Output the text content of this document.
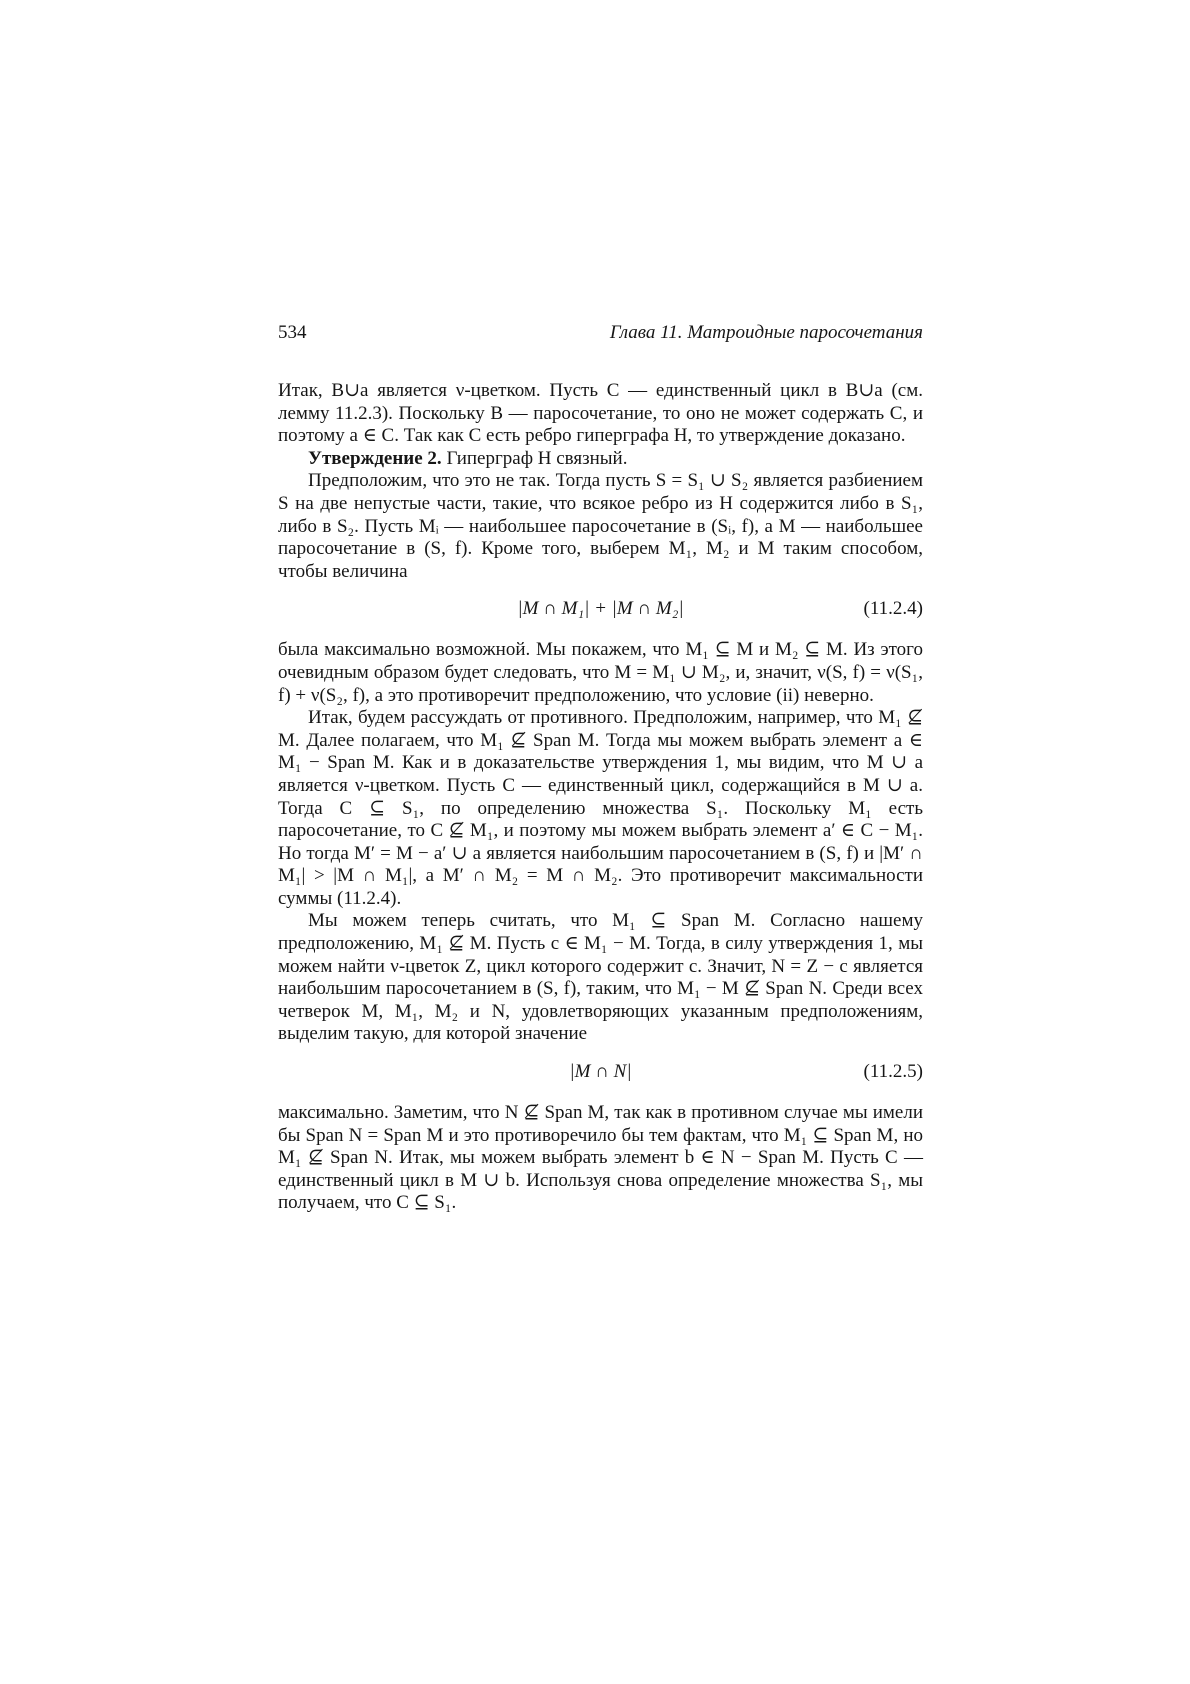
534	Глава 11. Матроидные паросочетания

Итак, B∪a является ν-цветком. Пусть C — единственный цикл в B∪a (см. лемму 11.2.3). Поскольку B — паросочетание, то оно не может содержать C, и поэтому a ∈ C. Так как C есть ребро гиперграфа H, то утверждение доказано.

Утверждение 2. Гиперграф H связный.

Предположим, что это не так. Тогда пусть S = S₁ ∪ S₂ является разбиением S на две непустые части, такие, что всякое ребро из H содержится либо в S₁, либо в S₂. Пусть Mᵢ — наибольшее паросочетание в (Sᵢ, f), а M — наибольшее паросочетание в (S, f). Кроме того, выберем M₁, M₂ и M таким способом, чтобы величина

|M ∩ M₁| + |M ∩ M₂|	(11.2.4)

была максимально возможной. Мы покажем, что M₁ ⊆ M и M₂ ⊆ M. Из этого очевидным образом будет следовать, что M = M₁ ∪ M₂, и, значит, ν(S, f) = ν(S₁, f) + ν(S₂, f), а это противоречит предположению, что условие (ii) неверно.

Итак, будем рассуждать от противного. Предположим, например, что M₁ ⊈ M. Далее полагаем, что M₁ ⊈ Span M. Тогда мы можем выбрать элемент a ∈ M₁ − Span M. Как и в доказательстве утверждения 1, мы видим, что M ∪ a является ν-цветком. Пусть C — единственный цикл, содержащийся в M ∪ a. Тогда C ⊆ S₁, по определению множества S₁. Поскольку M₁ есть паросочетание, то C ⊈ M₁, и поэтому мы можем выбрать элемент a′ ∈ C − M₁. Но тогда M′ = M − a′ ∪ a является наибольшим паросочетанием в (S, f) и |M′ ∩ M₁| > |M ∩ M₁|, а M′ ∩ M₂ = M ∩ M₂. Это противоречит максимальности суммы (11.2.4).

Мы можем теперь считать, что M₁ ⊆ Span M. Согласно нашему предположению, M₁ ⊈ M. Пусть c ∈ M₁ − M. Тогда, в силу утверждения 1, мы можем найти ν-цветок Z, цикл которого содержит c. Значит, N = Z − c является наибольшим паросочетанием в (S, f), таким, что M₁ − M ⊈ Span N. Среди всех четверок M, M₁, M₂ и N, удовлетворяющих указанным предположениям, выделим такую, для которой значение

|M ∩ N|	(11.2.5)

максимально. Заметим, что N ⊈ Span M, так как в противном случае мы имели бы Span N = Span M и это противоречило бы тем фактам, что M₁ ⊆ Span M, но M₁ ⊈ Span N. Итак, мы можем выбрать элемент b ∈ N − Span M. Пусть C — единственный цикл в M ∪ b. Используя снова определение множества S₁, мы получаем, что C ⊆ S₁.
